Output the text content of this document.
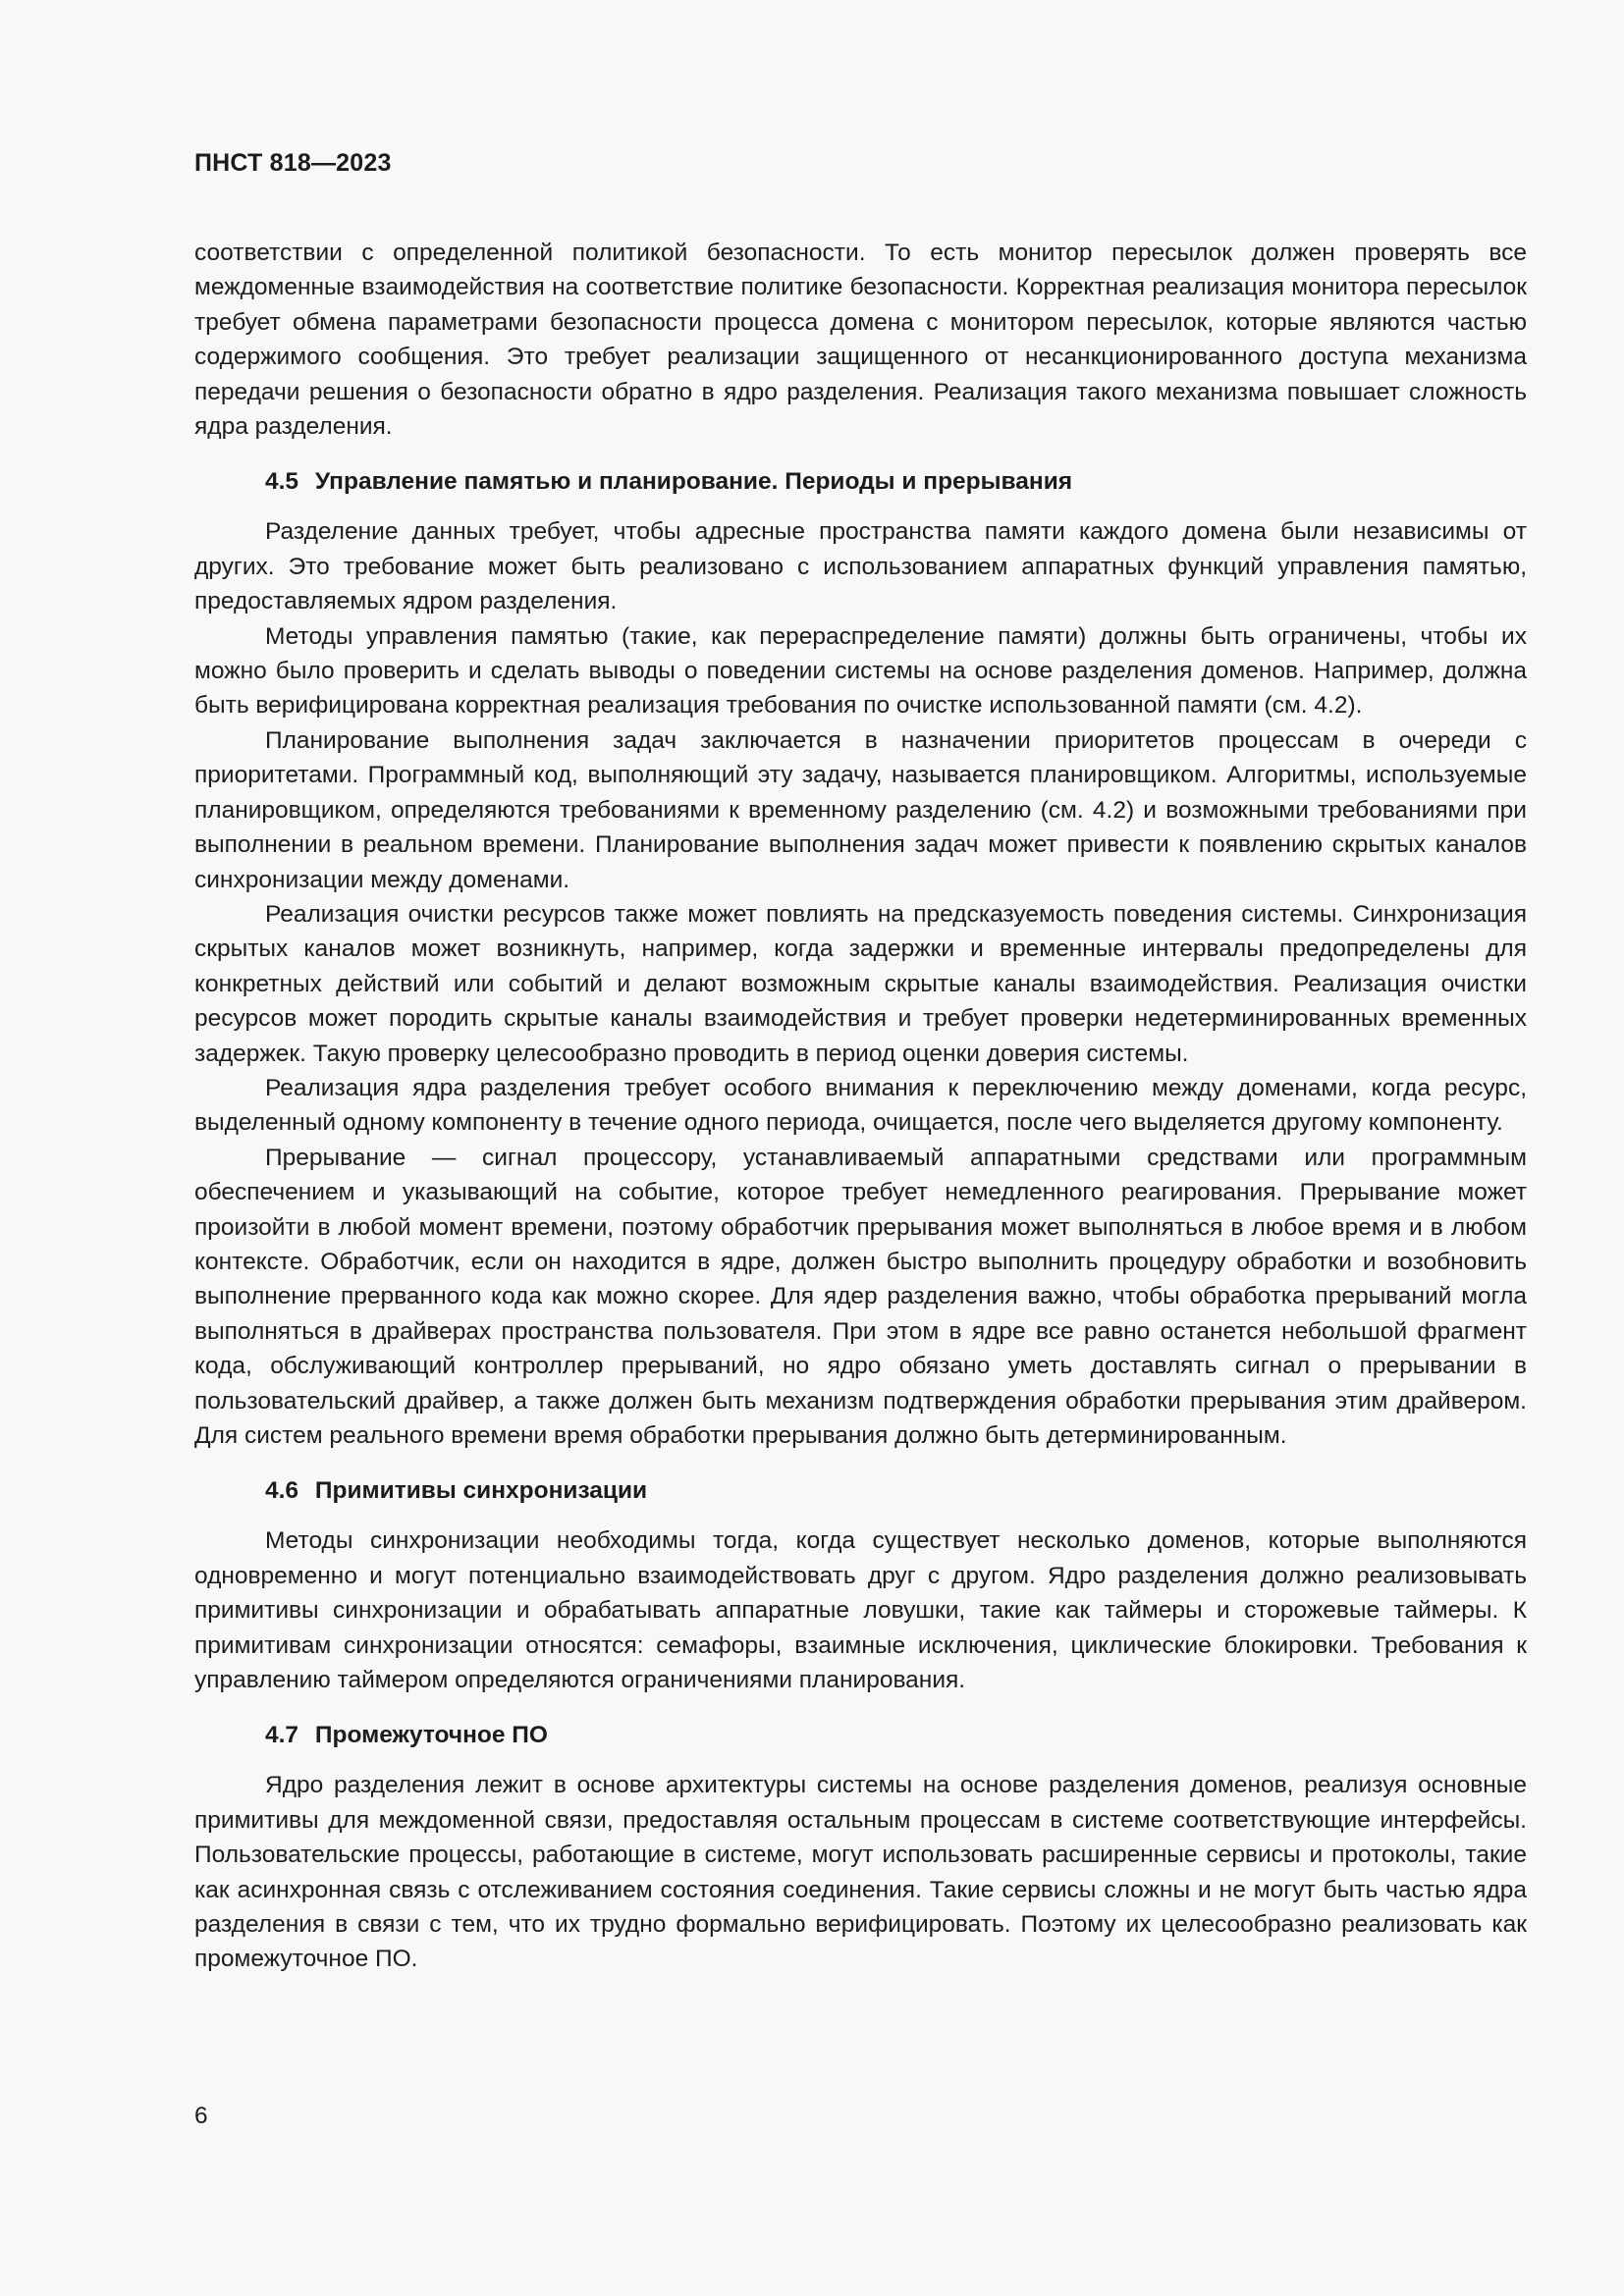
ПНСТ 818—2023

соответствии с определенной политикой безопасности. То есть монитор пересылок должен проверять все междоменные взаимодействия на соответствие политике безопасности. Корректная реализация монитора пересылок требует обмена параметрами безопасности процесса домена с монитором пересылок, которые являются частью содержимого сообщения. Это требует реализации защищенного от несанкционированного доступа механизма передачи решения о безопасности обратно в ядро разделения. Реализация такого механизма повышает сложность ядра разделения.

4.5 Управление памятью и планирование. Периоды и прерывания

Разделение данных требует, чтобы адресные пространства памяти каждого домена были независимы от других. Это требование может быть реализовано с использованием аппаратных функций управления памятью, предоставляемых ядром разделения.

Методы управления памятью (такие, как перераспределение памяти) должны быть ограничены, чтобы их можно было проверить и сделать выводы о поведении системы на основе разделения доменов. Например, должна быть верифицирована корректная реализация требования по очистке использованной памяти (см. 4.2).

Планирование выполнения задач заключается в назначении приоритетов процессам в очереди с приоритетами. Программный код, выполняющий эту задачу, называется планировщиком. Алгоритмы, используемые планировщиком, определяются требованиями к временному разделению (см. 4.2) и возможными требованиями при выполнении в реальном времени. Планирование выполнения задач может привести к появлению скрытых каналов синхронизации между доменами.

Реализация очистки ресурсов также может повлиять на предсказуемость поведения системы. Синхронизация скрытых каналов может возникнуть, например, когда задержки и временные интервалы предопределены для конкретных действий или событий и делают возможным скрытые каналы взаимодействия. Реализация очистки ресурсов может породить скрытые каналы взаимодействия и требует проверки недетерминированных временных задержек. Такую проверку целесообразно проводить в период оценки доверия системы.

Реализация ядра разделения требует особого внимания к переключению между доменами, когда ресурс, выделенный одному компоненту в течение одного периода, очищается, после чего выделяется другому компоненту.

Прерывание — сигнал процессору, устанавливаемый аппаратными средствами или программным обеспечением и указывающий на событие, которое требует немедленного реагирования. Прерывание может произойти в любой момент времени, поэтому обработчик прерывания может выполняться в любое время и в любом контексте. Обработчик, если он находится в ядре, должен быстро выполнить процедуру обработки и возобновить выполнение прерванного кода как можно скорее. Для ядер разделения важно, чтобы обработка прерываний могла выполняться в драйверах пространства пользователя. При этом в ядре все равно останется небольшой фрагмент кода, обслуживающий контроллер прерываний, но ядро обязано уметь доставлять сигнал о прерывании в пользовательский драйвер, а также должен быть механизм подтверждения обработки прерывания этим драйвером. Для систем реального времени время обработки прерывания должно быть детерминированным.

4.6 Примитивы синхронизации

Методы синхронизации необходимы тогда, когда существует несколько доменов, которые выполняются одновременно и могут потенциально взаимодействовать друг с другом. Ядро разделения должно реализовывать примитивы синхронизации и обрабатывать аппаратные ловушки, такие как таймеры и сторожевые таймеры. К примитивам синхронизации относятся: семафоры, взаимные исключения, циклические блокировки. Требования к управлению таймером определяются ограничениями планирования.

4.7 Промежуточное ПО

Ядро разделения лежит в основе архитектуры системы на основе разделения доменов, реализуя основные примитивы для междоменной связи, предоставляя остальным процессам в системе соответствующие интерфейсы. Пользовательские процессы, работающие в системе, могут использовать расширенные сервисы и протоколы, такие как асинхронная связь с отслеживанием состояния соединения. Такие сервисы сложны и не могут быть частью ядра разделения в связи с тем, что их трудно формально верифицировать. Поэтому их целесообразно реализовать как промежуточное ПО.

6
